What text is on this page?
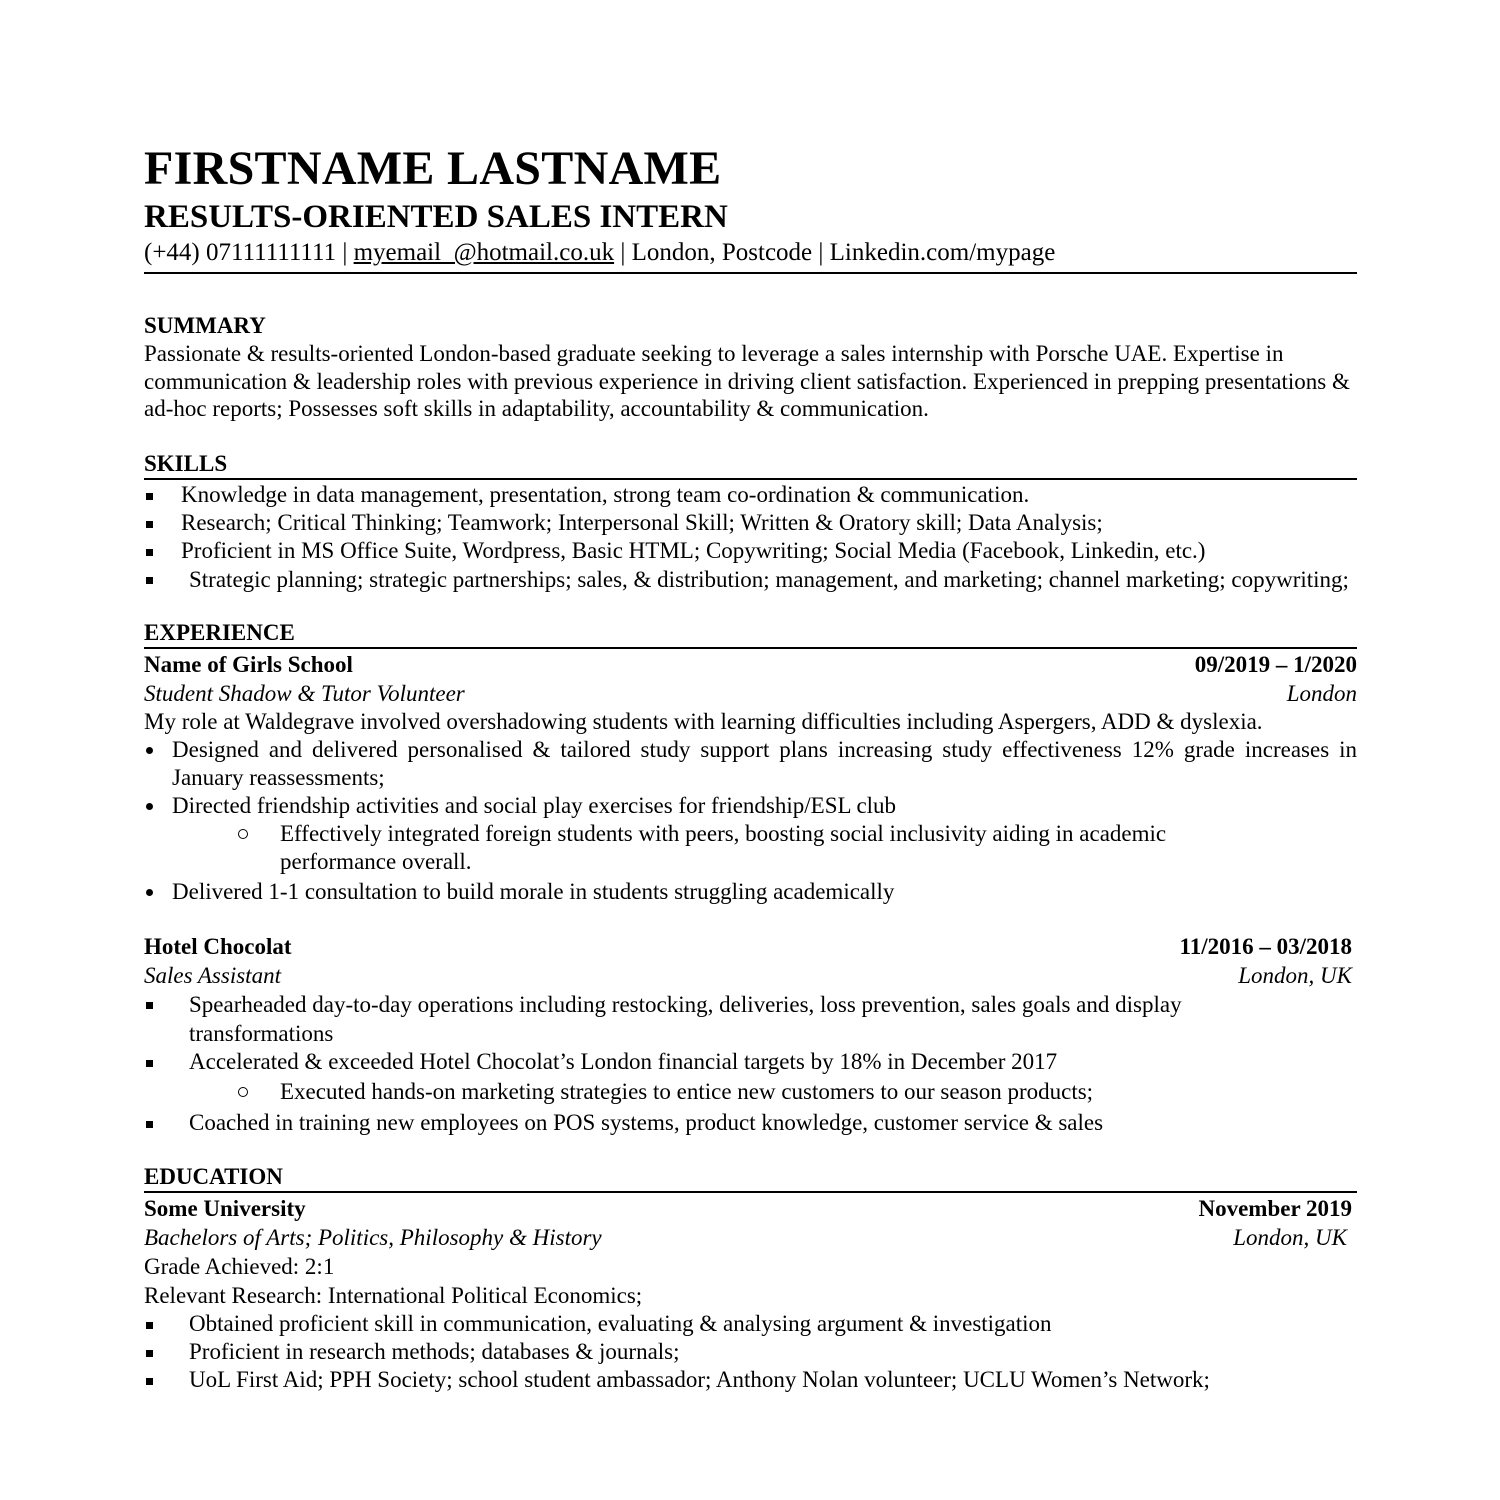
FIRSTNAME LASTNAME
RESULTS-ORIENTED SALES INTERN
(+44) 07111111111 | myemail_@hotmail.co.uk | London, Postcode | Linkedin.com/mypage
SUMMARY
Passionate & results-oriented London-based graduate seeking to leverage a sales internship with Porsche UAE. Expertise in communication & leadership roles with previous experience in driving client satisfaction. Experienced in prepping presentations & ad-hoc reports; Possesses soft skills in adaptability, accountability & communication.
SKILLS
Knowledge in data management, presentation, strong team co-ordination & communication.
Research; Critical Thinking; Teamwork; Interpersonal Skill; Written & Oratory skill; Data Analysis;
Proficient in MS Office Suite, Wordpress, Basic HTML; Copywriting; Social Media (Facebook, Linkedin, etc.)
Strategic planning; strategic partnerships; sales, & distribution; management, and marketing; channel marketing; copywriting;
EXPERIENCE
Name of Girls School	09/2019 – 1/2020
Student Shadow & Tutor Volunteer	London
My role at Waldegrave involved overshadowing students with learning difficulties including Aspergers, ADD & dyslexia.
Designed and delivered personalised & tailored study support plans increasing study effectiveness 12% grade increases in January reassessments;
Directed friendship activities and social play exercises for friendship/ESL club
Effectively integrated foreign students with peers, boosting social inclusivity aiding in academic performance overall.
Delivered 1-1 consultation to build morale in students struggling academically
Hotel Chocolat	11/2016 – 03/2018
Sales Assistant	London, UK
Spearheaded day-to-day operations including restocking, deliveries, loss prevention, sales goals and display transformations
Accelerated & exceeded Hotel Chocolat’s London financial targets by 18% in December 2017
Executed hands-on marketing strategies to entice new customers to our season products;
Coached in training new employees on POS systems, product knowledge, customer service & sales
EDUCATION
Some University	November 2019
Bachelors of Arts; Politics, Philosophy & History	London, UK
Grade Achieved: 2:1
Relevant Research: International Political Economics;
Obtained proficient skill in communication, evaluating & analysing argument & investigation
Proficient in research methods; databases & journals;
UoL First Aid; PPH Society; school student ambassador; Anthony Nolan volunteer; UCLU Women’s Network;
